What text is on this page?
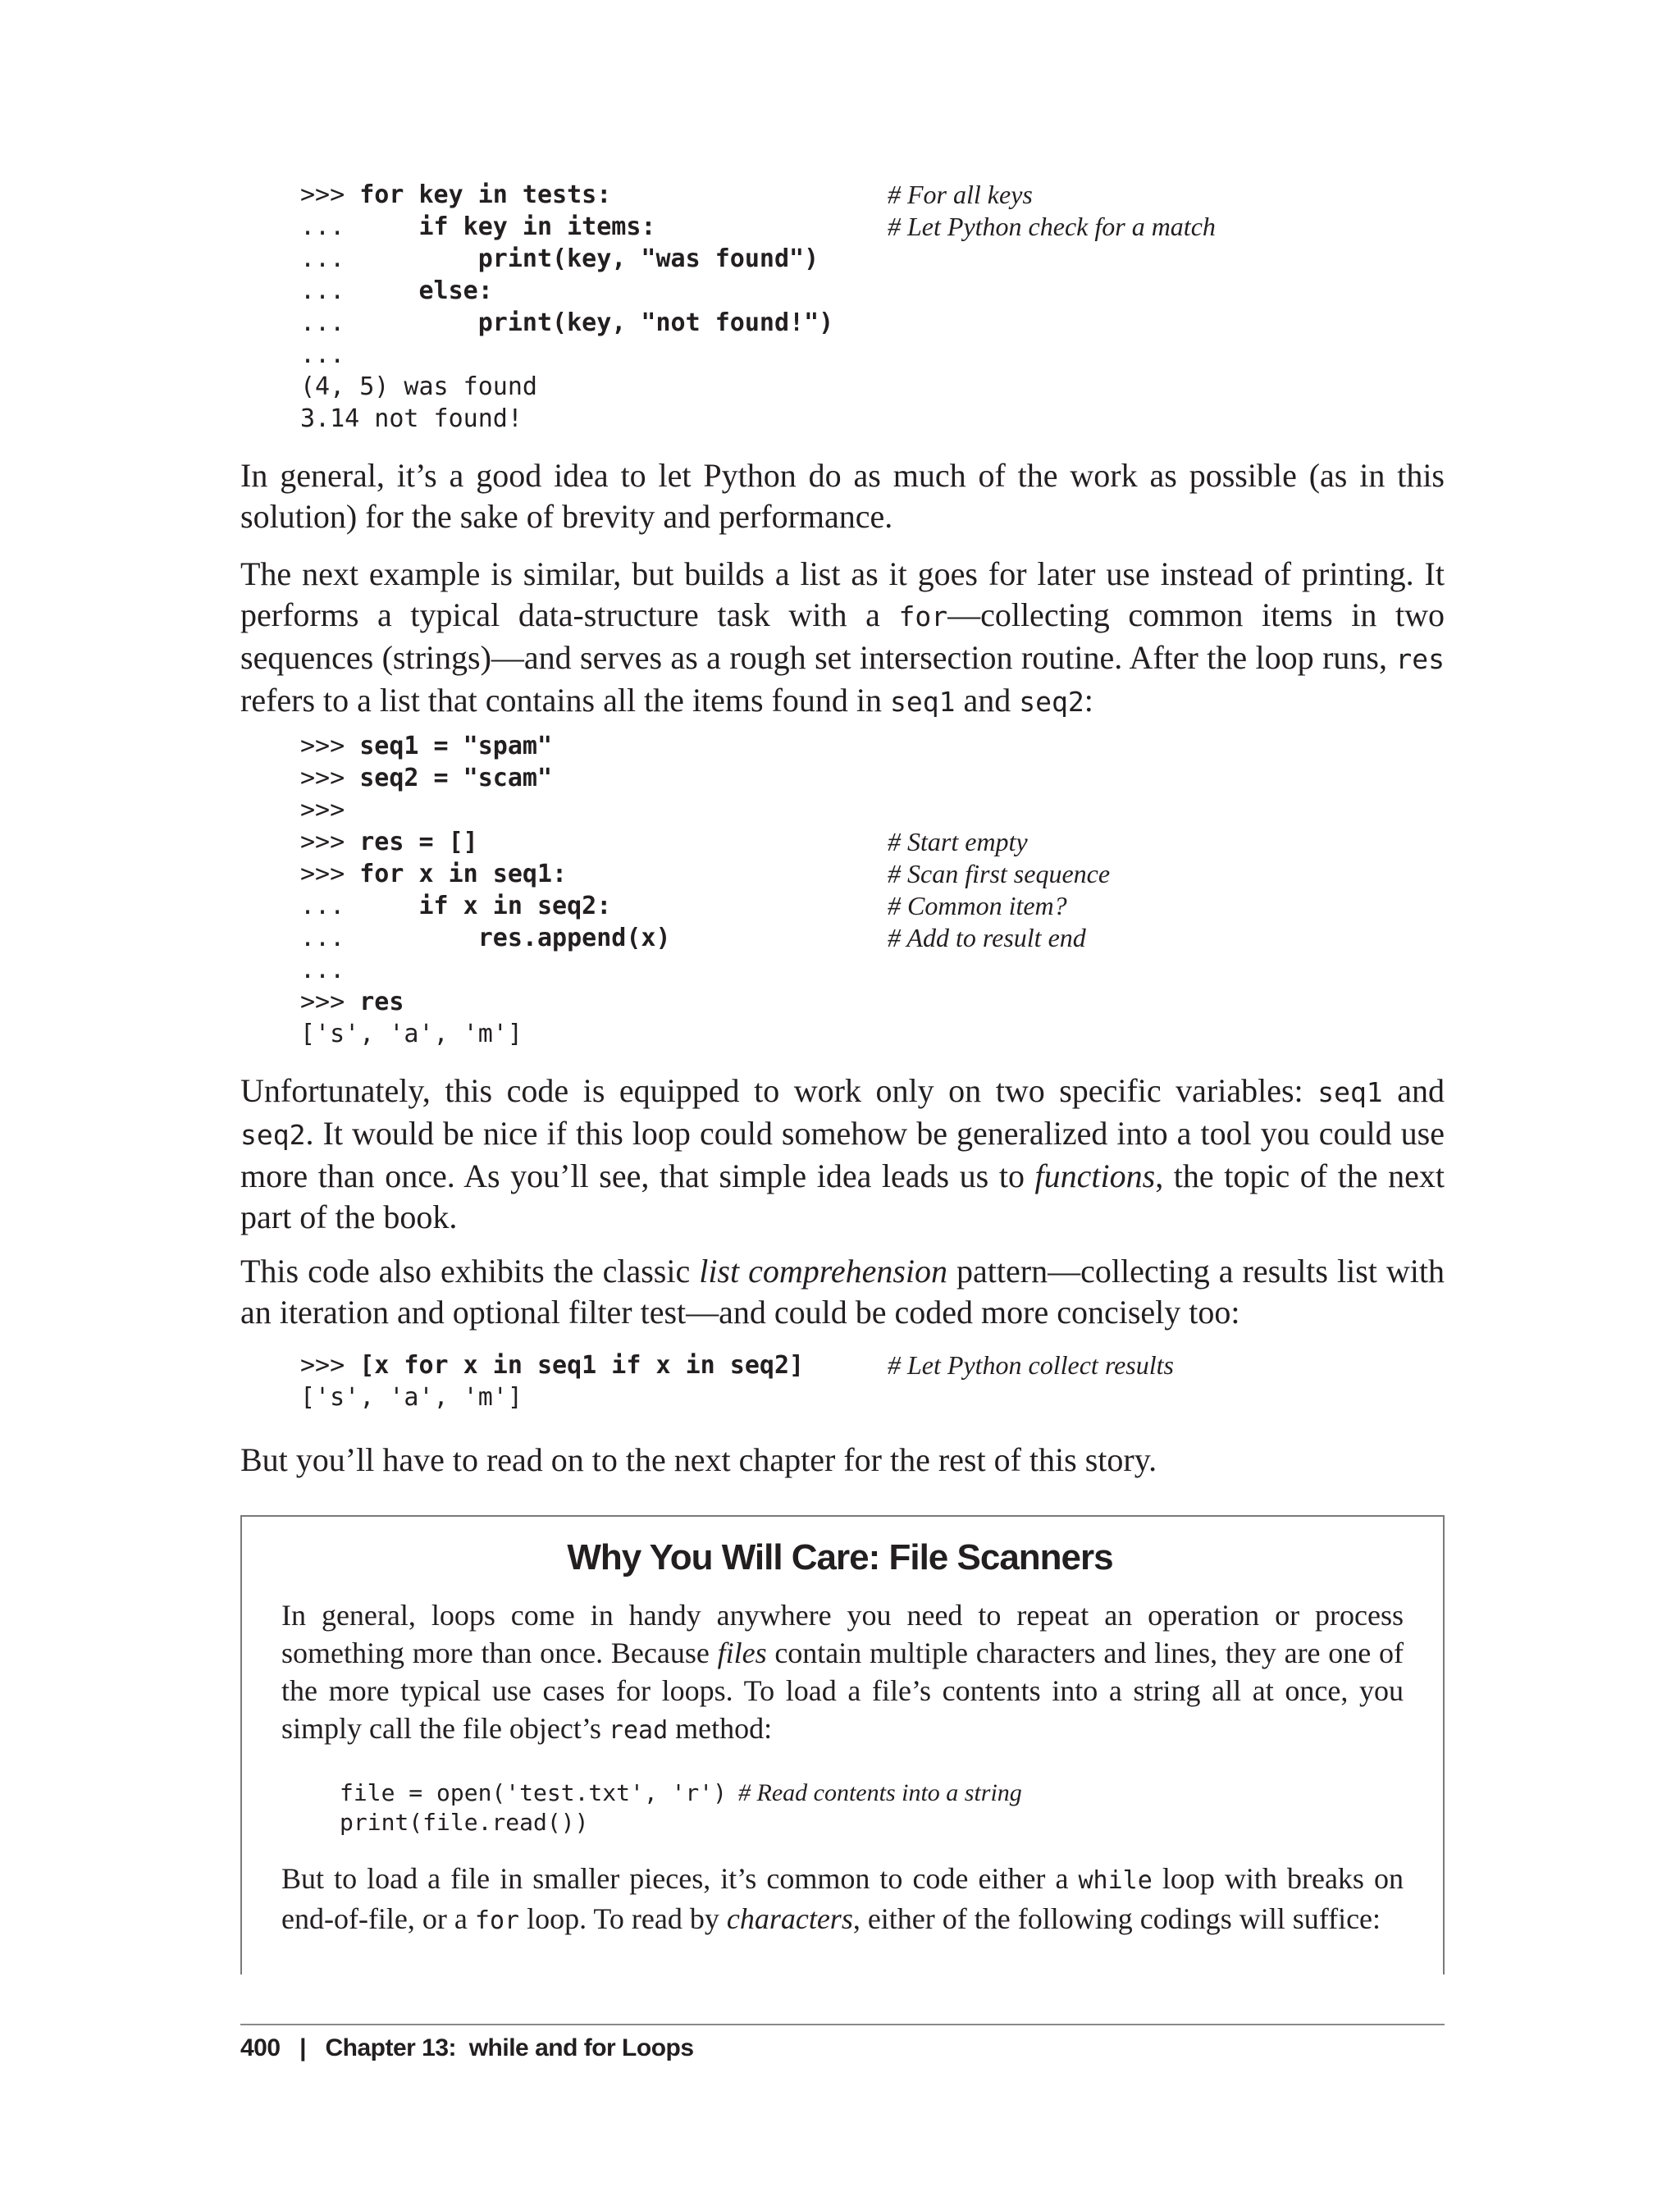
>>> for key in tests:	# For all keys
...     if key in items:	# Let Python check for a match
...         print(key, "was found")
...     else:
...         print(key, "not found!")
...
(4, 5) was found
3.14 not found!

In general, it’s a good idea to let Python do as much of the work as possible (as in this solution) for the sake of brevity and performance.

The next example is similar, but builds a list as it goes for later use instead of printing. It performs a typical data-structure task with a for—collecting common items in two sequences (strings)—and serves as a rough set intersection routine. After the loop runs, res refers to a list that contains all the items found in seq1 and seq2:

>>> seq1 = "spam"
>>> seq2 = "scam"
>>>
>>> res = []	# Start empty
>>> for x in seq1:	# Scan first sequence
...     if x in seq2:	# Common item?
...         res.append(x)	# Add to result end
...
>>> res
['s', 'a', 'm']

Unfortunately, this code is equipped to work only on two specific variables: seq1 and seq2. It would be nice if this loop could somehow be generalized into a tool you could use more than once. As you’ll see, that simple idea leads us to functions, the topic of the next part of the book.

This code also exhibits the classic list comprehension pattern—collecting a results list with an iteration and optional filter test—and could be coded more concisely too:

>>> [x for x in seq1 if x in seq2]	# Let Python collect results
['s', 'a', 'm']

But you’ll have to read on to the next chapter for the rest of this story.

Why You Will Care: File Scanners

In general, loops come in handy anywhere you need to repeat an operation or process something more than once. Because files contain multiple characters and lines, they are one of the more typical use cases for loops. To load a file’s contents into a string all at once, you simply call the file object’s read method:

file = open('test.txt', 'r') # Read contents into a string
print(file.read())

But to load a file in smaller pieces, it’s common to code either a while loop with breaks on end-of-file, or a for loop. To read by characters, either of the following codings will suffice:

400 | Chapter 13:  while and for Loops
